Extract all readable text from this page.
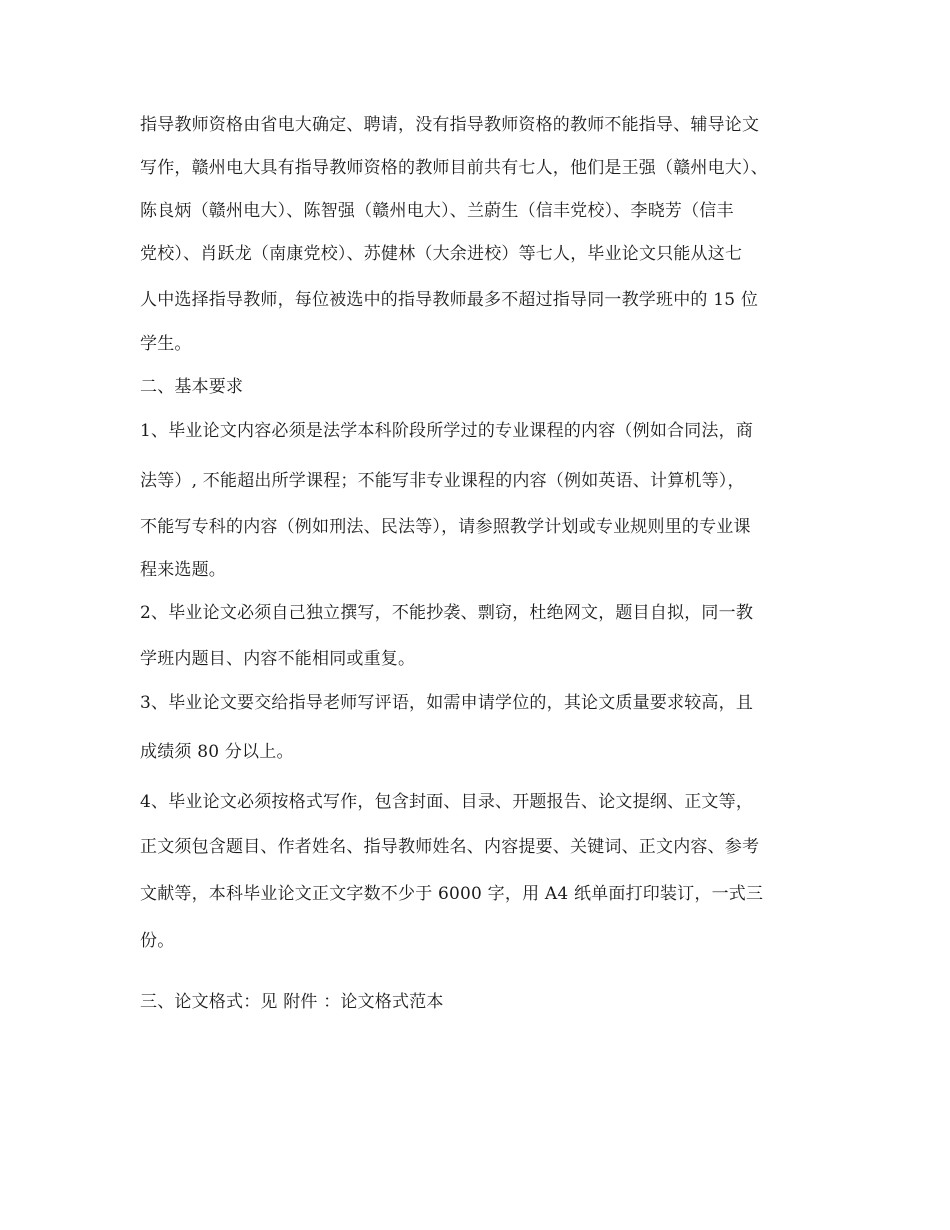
指导教师资格由省电大确定、聘请，没有指导教师资格的教师不能指导、辅导论文
写作，赣州电大具有指导教师资格的教师目前共有七人，他们是王强（赣州电大）、
陈良炳（赣州电大）、陈智强（赣州电大）、兰蔚生（信丰党校）、李晓芳（信丰
党校）、肖跃龙（南康党校）、苏健林（大余进校）等七人，毕业论文只能从这七
人中选择指导教师，每位被选中的指导教师最多不超过指导同一教学班中的 15 位
学生。
二、基本要求
1、毕业论文内容必须是法学本科阶段所学过的专业课程的内容（例如合同法，商
法等）, 不能超出所学课程；不能写非专业课程的内容（例如英语、计算机等），
不能写专科的内容（例如刑法、民法等），请参照教学计划或专业规则里的专业课
程来选题。
2、毕业论文必须自己独立撰写，不能抄袭、剽窃，杜绝网文，题目自拟，同一教
学班内题目、内容不能相同或重复。
3、毕业论文要交给指导老师写评语，如需申请学位的，其论文质量要求较高，且
成绩须 80 分以上。
4、毕业论文必须按格式写作，包含封面、目录、开题报告、论文提纲、正文等，
正文须包含题目、作者姓名、指导教师姓名、内容提要、关键词、正文内容、参考
文献等，本科毕业论文正文字数不少于 6000 字，用 A4 纸单面打印装订，一式三
份。
三、论文格式：见 附件 ：论文格式范本
